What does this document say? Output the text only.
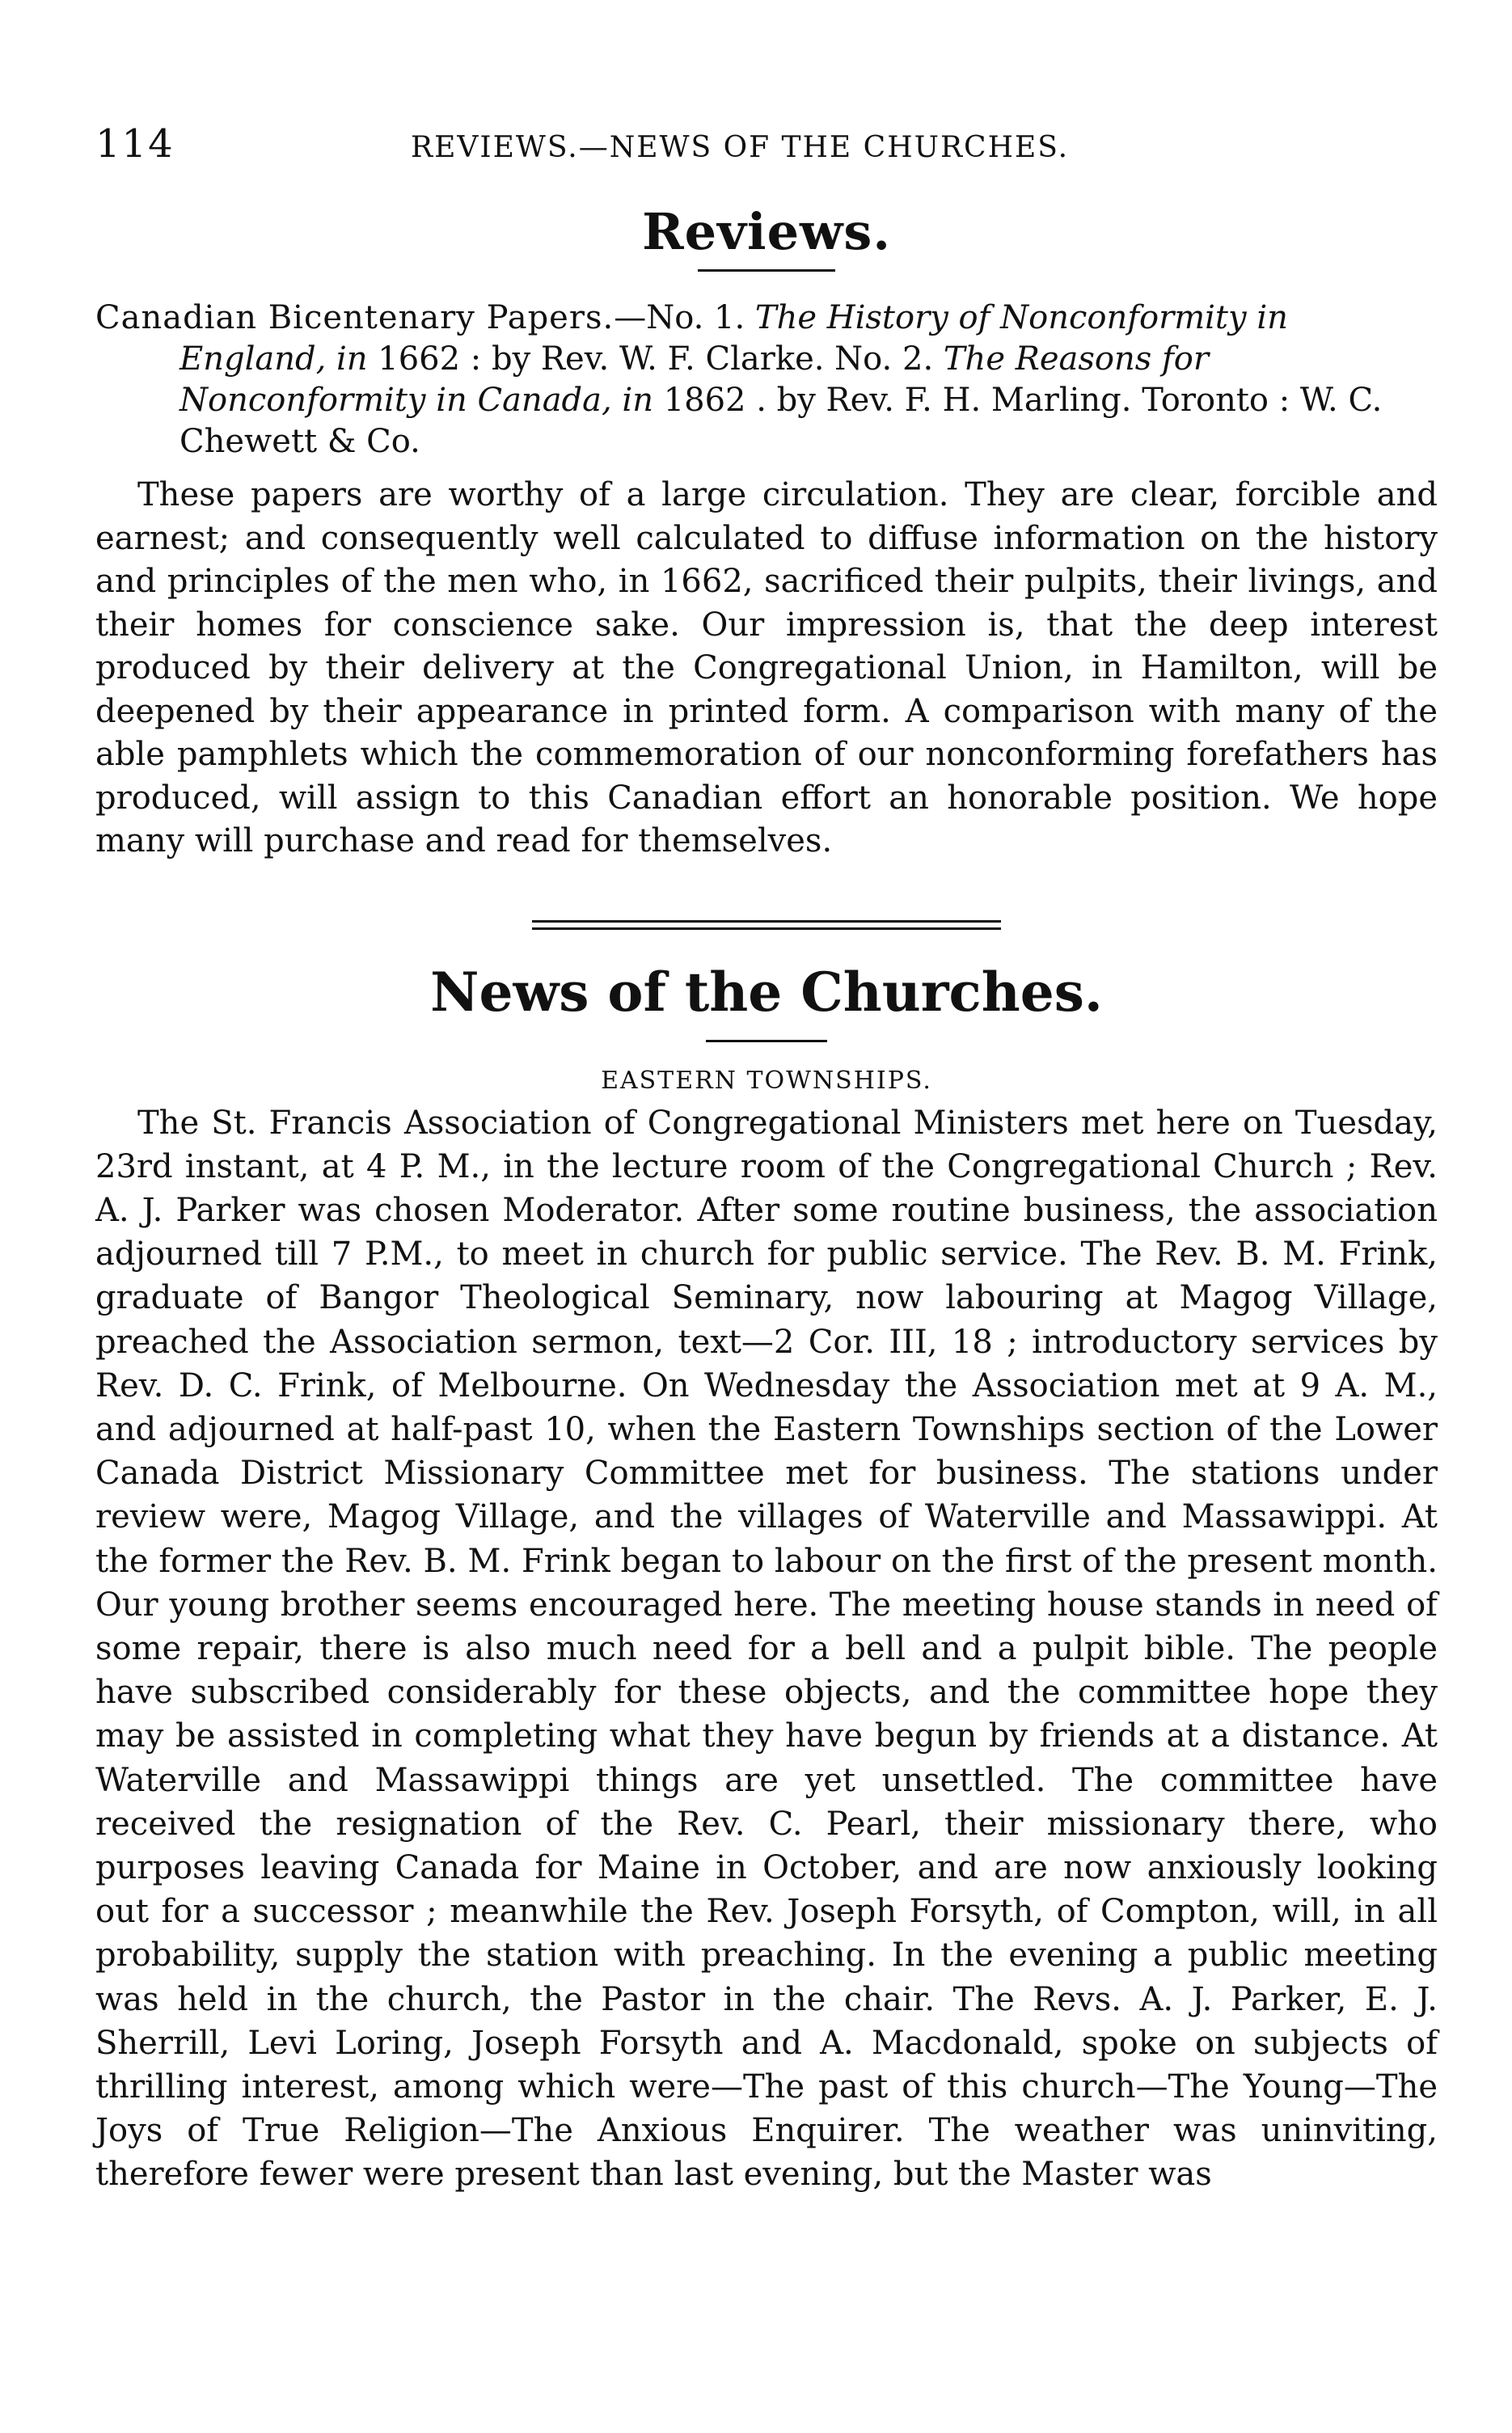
114	REVIEWS.—NEWS OF THE CHURCHES.
Reviews.

Canadian Bicentenary Papers.—No. 1. The History of Nonconformity in England, in 1662 : by Rev. W. F. Clarke. No. 2. The Reasons for Nonconformity in Canada, in 1862 . by Rev. F. H. Marling. Toronto : W. C. Chewett & Co.

These papers are worthy of a large circulation. They are clear, forcible and earnest; and consequently well calculated to diffuse information on the history and principles of the men who, in 1662, sacrificed their pulpits, their livings, and their homes for conscience sake. Our impression is, that the deep interest produced by their delivery at the Congregational Union, in Hamilton, will be deepened by their appearance in printed form. A comparison with many of the able pamphlets which the commemoration of our nonconforming forefathers has produced, will assign to this Canadian effort an honorable position. We hope many will purchase and read for themselves.

News of the Churches.
EASTERN TOWNSHIPS.

The St. Francis Association of Congregational Ministers met here on Tuesday, 23rd instant, at 4 P. M., in the lecture room of the Congregational Church ; Rev. A. J. Parker was chosen Moderator. After some routine business, the association adjourned till 7 P.M., to meet in church for public service. The Rev. B. M. Frink, graduate of Bangor Theological Seminary, now labouring at Magog Village, preached the Association sermon, text—2 Cor. III, 18 ; introductory services by Rev. D. C. Frink, of Melbourne. On Wednesday the Association met at 9 A. M., and adjourned at half-past 10, when the Eastern Townships section of the Lower Canada District Missionary Committee met for business. The stations under review were, Magog Village, and the villages of Waterville and Massawippi. At the former the Rev. B. M. Frink began to labour on the first of the present month. Our young brother seems encouraged here. The meeting house stands in need of some repair, there is also much need for a bell and a pulpit bible. The people have subscribed considerably for these objects, and the committee hope they may be assisted in completing what they have begun by friends at a distance. At Waterville and Massawippi things are yet unsettled. The committee have received the resignation of the Rev. C. Pearl, their missionary there, who purposes leaving Canada for Maine in October, and are now anxiously looking out for a successor ; meanwhile the Rev. Joseph Forsyth, of Compton, will, in all probability, supply the station with preaching. In the evening a public meeting was held in the church, the Pastor in the chair. The Revs. A. J. Parker, E. J. Sherrill, Levi Loring, Joseph Forsyth and A. Macdonald, spoke on subjects of thrilling interest, among which were—The past of this church—The Young—The Joys of True Religion—The Anxious Enquirer. The weather was uninviting, therefore fewer were present than last evening, but the Master was
